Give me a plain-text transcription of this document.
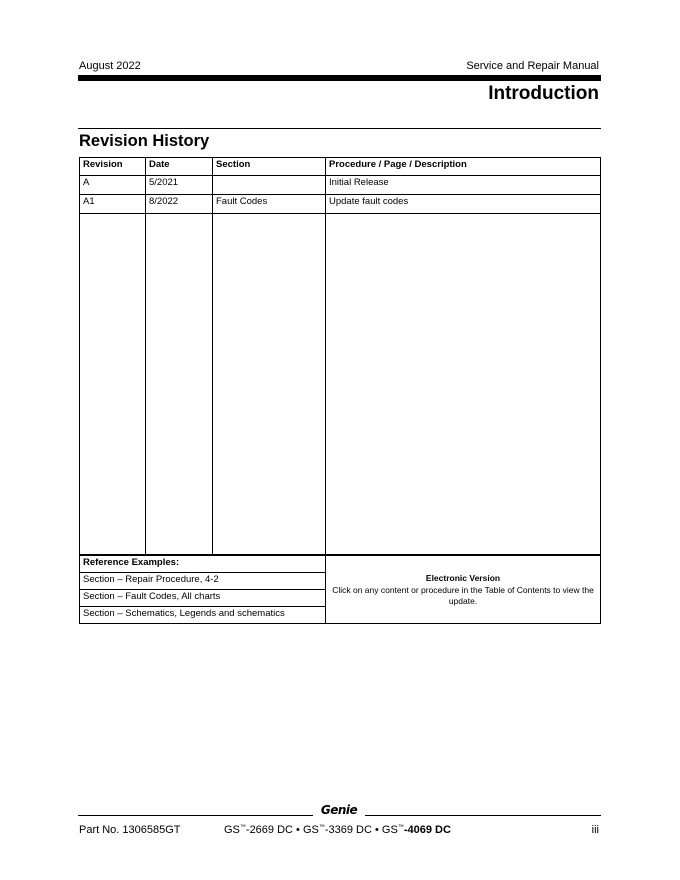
August 2022	Service and Repair Manual
Introduction
Revision History
Revision	Date	Section	Procedure / Page / Description
A	5/2021		Initial Release
A1	8/2022	Fault Codes	Update fault codes

Reference Examples:	
Electronic Version
Click on any content or procedure in the Table of Contents to view the update.
Section – Repair Procedure, 4-2
Section – Fault Codes, All charts
Section – Schematics, Legends and schematics
Genie
Part No. 1306585GT	GS™-2669 DC • GS™-3369 DC • GS™-4069 DC	iii
